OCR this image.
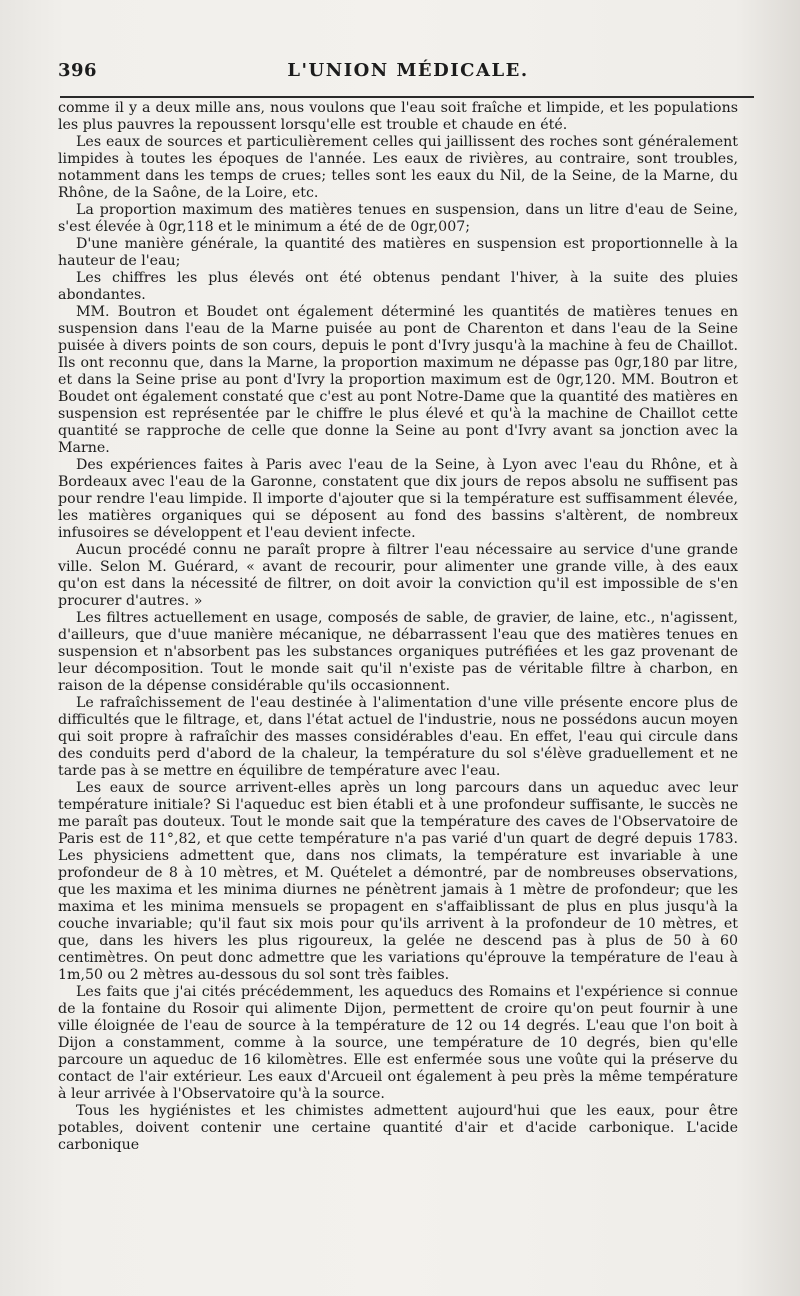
396	L'UNION MÉDICALE.

comme il y a deux mille ans, nous voulons que l'eau soit fraîche et limpide, et les populations les plus pauvres la repoussent lorsqu'elle est trouble et chaude en été.

Les eaux de sources et particulièrement celles qui jaillissent des roches sont généralement limpides à toutes les époques de l'année. Les eaux de rivières, au contraire, sont troubles, notamment dans les temps de crues; telles sont les eaux du Nil, de la Seine, de la Marne, du Rhône, de la Saône, de la Loire, etc.

La proportion maximum des matières tenues en suspension, dans un litre d'eau de Seine, s'est élevée à 0gr,118 et le minimum a été de de 0gr,007;

D'une manière générale, la quantité des matières en suspension est proportionnelle à la hauteur de l'eau;

Les chiffres les plus élevés ont été obtenus pendant l'hiver, à la suite des pluies abondantes.

MM. Boutron et Boudet ont également déterminé les quantités de matières tenues en suspension dans l'eau de la Marne puisée au pont de Charenton et dans l'eau de la Seine puisée à divers points de son cours, depuis le pont d'Ivry jusqu'à la machine à feu de Chaillot. Ils ont reconnu que, dans la Marne, la proportion maximum ne dépasse pas 0gr,180 par litre, et dans la Seine prise au pont d'Ivry la proportion maximum est de 0gr,120. MM. Boutron et Boudet ont également constaté que c'est au pont Notre-Dame que la quantité des matières en suspension est représentée par le chiffre le plus élevé et qu'à la machine de Chaillot cette quantité se rapproche de celle que donne la Seine au pont d'Ivry avant sa jonction avec la Marne.

Des expériences faites à Paris avec l'eau de la Seine, à Lyon avec l'eau du Rhône, et à Bordeaux avec l'eau de la Garonne, constatent que dix jours de repos absolu ne suffisent pas pour rendre l'eau limpide. Il importe d'ajouter que si la température est suffisamment élevée, les matières organiques qui se déposent au fond des bassins s'altèrent, de nombreux infusoires se développent et l'eau devient infecte.

Aucun procédé connu ne paraît propre à filtrer l'eau nécessaire au service d'une grande ville. Selon M. Guérard, « avant de recourir, pour alimenter une grande ville, à des eaux qu'on est dans la nécessité de filtrer, on doit avoir la conviction qu'il est impossible de s'en procurer d'autres. »

Les filtres actuellement en usage, composés de sable, de gravier, de laine, etc., n'agissent, d'ailleurs, que d'uue manière mécanique, ne débarrassent l'eau que des matières tenues en suspension et n'absorbent pas les substances organiques putréfiées et les gaz provenant de leur décomposition. Tout le monde sait qu'il n'existe pas de véritable filtre à charbon, en raison de la dépense considérable qu'ils occasionnent.

Le rafraîchissement de l'eau destinée à l'alimentation d'une ville présente encore plus de difficultés que le filtrage, et, dans l'état actuel de l'industrie, nous ne possédons aucun moyen qui soit propre à rafraîchir des masses considérables d'eau. En effet, l'eau qui circule dans des conduits perd d'abord de la chaleur, la température du sol s'élève graduellement et ne tarde pas à se mettre en équilibre de température avec l'eau.

Les eaux de source arrivent-elles après un long parcours dans un aqueduc avec leur température initiale? Si l'aqueduc est bien établi et à une profondeur suffisante, le succès ne me paraît pas douteux. Tout le monde sait que la température des caves de l'Observatoire de Paris est de 11°,82, et que cette température n'a pas varié d'un quart de degré depuis 1783. Les physiciens admettent que, dans nos climats, la température est invariable à une profondeur de 8 à 10 mètres, et M. Quételet a démontré, par de nombreuses observations, que les maxima et les minima diurnes ne pénètrent jamais à 1 mètre de profondeur; que les maxima et les minima mensuels se propagent en s'affaiblissant de plus en plus jusqu'à la couche invariable; qu'il faut six mois pour qu'ils arrivent à la profondeur de 10 mètres, et que, dans les hivers les plus rigoureux, la gelée ne descend pas à plus de 50 à 60 centimètres. On peut donc admettre que les variations qu'éprouve la température de l'eau à 1m,50 ou 2 mètres au-dessous du sol sont très faibles.

Les faits que j'ai cités précédemment, les aqueducs des Romains et l'expérience si connue de la fontaine du Rosoir qui alimente Dijon, permettent de croire qu'on peut fournir à une ville éloignée de l'eau de source à la température de 12 ou 14 degrés. L'eau que l'on boit à Dijon a constamment, comme à la source, une température de 10 degrés, bien qu'elle parcoure un aqueduc de 16 kilomètres. Elle est enfermée sous une voûte qui la préserve du contact de l'air extérieur. Les eaux d'Arcueil ont également à peu près la même température à leur arrivée à l'Observatoire qu'à la source.

Tous les hygiénistes et les chimistes admettent aujourd'hui que les eaux, pour être potables, doivent contenir une certaine quantité d'air et d'acide carbonique. L'acide carbonique
